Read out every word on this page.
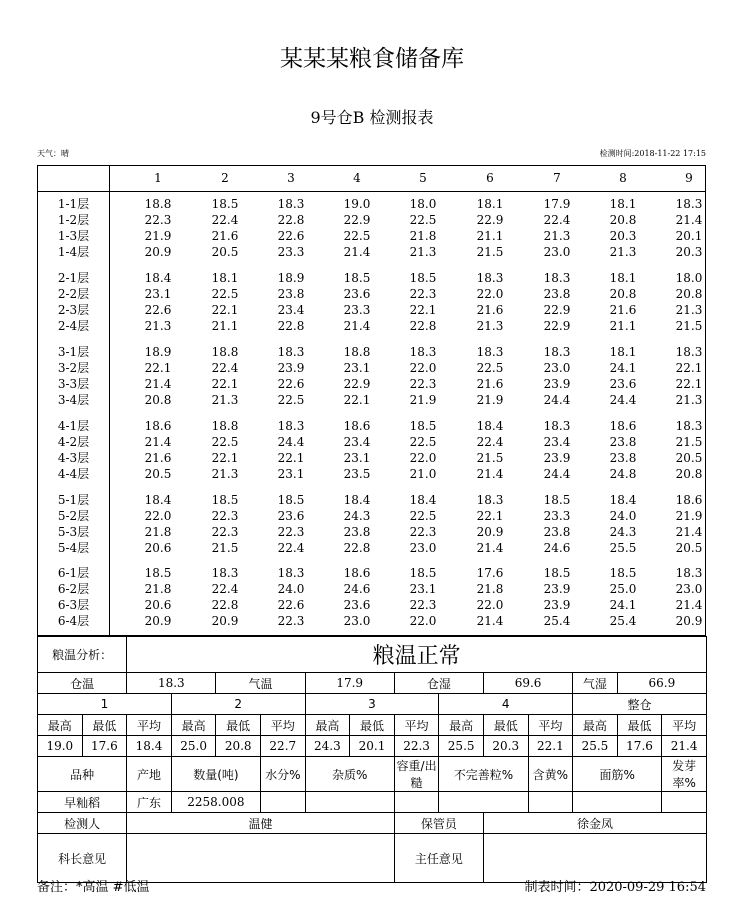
某某某粮食储备库
9号仓B 检测报表
天气：晴	检测时间:2018-11-22 17:15
1	2	3	4	5	6	7	8	9
1-1层	18.8	18.5	18.3	19.0	18.0	18.1	17.9	18.1	18.3
1-2层	22.3	22.4	22.8	22.9	22.5	22.9	22.4	20.8	21.4
1-3层	21.9	21.6	22.6	22.5	21.8	21.1	21.3	20.3	20.1
1-4层	20.9	20.5	23.3	21.4	21.3	21.5	23.0	21.3	20.3
2-1层	18.4	18.1	18.9	18.5	18.5	18.3	18.3	18.1	18.0
2-2层	23.1	22.5	23.8	23.6	22.3	22.0	23.8	20.8	20.8
2-3层	22.6	22.1	23.4	23.3	22.1	21.6	22.9	21.6	21.3
2-4层	21.3	21.1	22.8	21.4	22.8	21.3	22.9	21.1	21.5
3-1层	18.9	18.8	18.3	18.8	18.3	18.3	18.3	18.1	18.3
3-2层	22.1	22.4	23.9	23.1	22.0	22.5	23.0	24.1	22.1
3-3层	21.4	22.1	22.6	22.9	22.3	21.6	23.9	23.6	22.1
3-4层	20.8	21.3	22.5	22.1	21.9	21.9	24.4	24.4	21.3
4-1层	18.6	18.8	18.3	18.6	18.5	18.4	18.3	18.6	18.3
4-2层	21.4	22.5	24.4	23.4	22.5	22.4	23.4	23.8	21.5
4-3层	21.6	22.1	22.1	23.1	22.0	21.5	23.9	23.8	20.5
4-4层	20.5	21.3	23.1	23.5	21.0	21.4	24.4	24.8	20.8
5-1层	18.4	18.5	18.5	18.4	18.4	18.3	18.5	18.4	18.6
5-2层	22.0	22.3	23.6	24.3	22.5	22.1	23.3	24.0	21.9
5-3层	21.8	22.3	22.3	23.8	22.3	20.9	23.8	24.3	21.4
5-4层	20.6	21.5	22.4	22.8	23.0	21.4	24.6	25.5	20.5
6-1层	18.5	18.3	18.3	18.6	18.5	17.6	18.5	18.5	18.3
6-2层	21.8	22.4	24.0	24.6	23.1	21.8	23.9	25.0	23.0
6-3层	20.6	22.8	22.6	23.6	22.3	22.0	23.9	24.1	21.4
6-4层	20.9	20.9	22.3	23.0	22.0	21.4	25.4	25.4	20.9
粮温分析：		粮温正常												
仓温		18.3		气温		17.9		仓湿		69.6		气湿	66.9	
1			2			3			4			整仓		
最高	最低	平均	最高	最低	平均	最高	最低	平均	最高	最低	平均	最高	最低	平均
19.0	17.6	18.4	25.0	20.8	22.7	24.3	20.1	22.3	25.5	20.3	22.1	25.5	17.6	21.4
品种		产地	数量(吨)		水分%	杂质%		容重/出糙	不完善粒%		含黄%	面筋%		发芽率%
早籼稻		广东	2258.008											
检测人		温健						保管员		徐金凤				
科长意见								主任意见						
备注：*高温 #低温	制表时间：2020-09-29 16:54
